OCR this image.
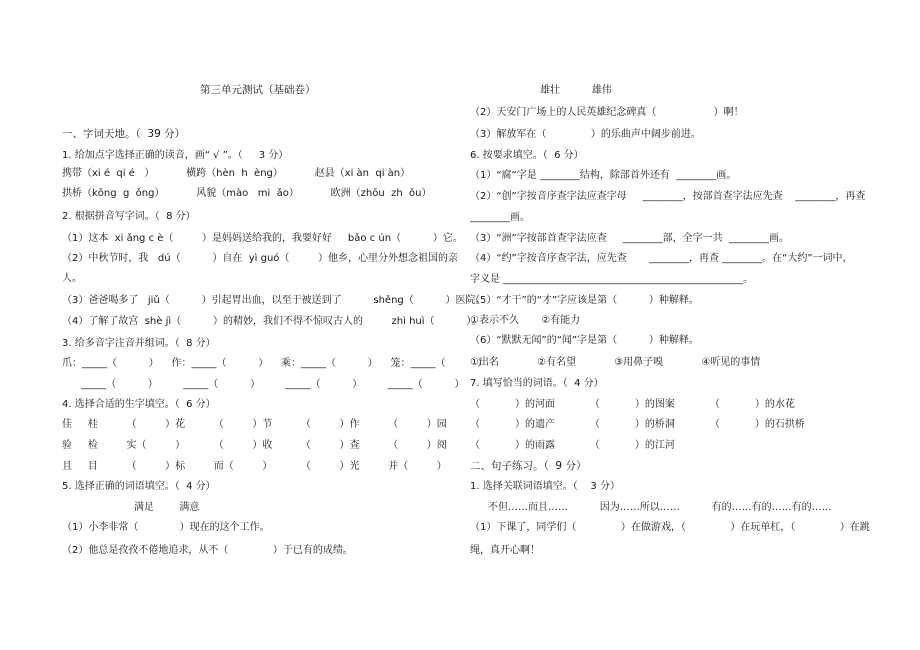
第三单元测试（基础卷）
一、字词天地。（  39 分）
1. 给加点字选择正确的读音，画“ √ ”。（     3 分）
携带（xi é  qi é   ）          横跨（hèn  h  èng）          赵县（xi àn  qi àn）
拱桥（kǒng  g  ǒng）          风貌（mào   mi  ǎo）          欧洲（zhōu  zh  ǒu）
2. 根据拼音写字词。（  8 分）
（1）这本  xi ǎng c è（         ）是妈妈送给我的，我要好好     bǎo c ún（          ）它。
（2）中秋节时，我   dú（          ）自在  yì guó（         ）他乡，心里分外想念祖国的亲
人。
（3）爸爸喝多了   jiǔ（          ）引起胃出血，以至于被送到了          shěng（          ）医院。
（4）了解了故宫  shè jì（          ）的精妙，我们不得不惊叹古人的         zhì huì（          ）。
3. 给多音字注音并组词。（  8 分）
爪：_____（          ）    作：_____（          ）    乘：_____（          ）    笼：_____（          ）
_____（          ）        _____（          ）        _____（          ）        _____（          ）
4. 选择合适的生字填空。（  6 分）
佳     桂         （         ）花         （         ）节         （         ）作         （         ）园
验     检         实（         ）         （         ）收         （         ）查         （         ）阅
且     目         （         ）标         而（         ）         （         ）光         并（         ）
5. 选择正确的词语填空。（  4 分）
满足        满意
（1）小李非常（             ）现在的这个工作。
（2）他总是孜孜不倦地追求，从不（              ）于已有的成绩。
雄壮          雄伟
（2）天安门广场上的人民英雄纪念碑真（                  ）啊！
（3）解放军在（              ）的乐曲声中阔步前进。
6. 按要求填空。（  6 分）
（1）“腐”字是 ________结构，除部首外还有  ________画。
（2）“创”字按音序查字法应查字母     ________，按部首查字法应先查    ________，再查
________画。
（3）“洲”字按部首查字法应查     ________部，全字一共  ________画。
（4）“约”字按音序查字法，应先查       ________，再查 ________。在“大约”一词中，
字义是 ________________________________________________。
（5）“才干”的“才”字应该是第（          ）种解释。
①表示不久       ②有能力
（6）“默默无闻”的“闻”字是第（          ）种解释。
①出名            ②有名望            ③用鼻子嗅            ④听见的事情
7. 填写恰当的词语。（  4 分）
（           ）的河面           （           ）的图案           （           ）的水花
（           ）的遗产           （           ）的桥洞           （           ）的石拱桥
（           ）的雨露           （           ）的江河
二、句子练习。（  9 分）
1. 选择关联词语填空。（    3 分）
不但……而且……          因为……所以……          有的……有的……有的……
（1）下课了，同学们（              ）在做游戏，（              ）在玩单杠，（              ）在跳
绳，真开心啊！
